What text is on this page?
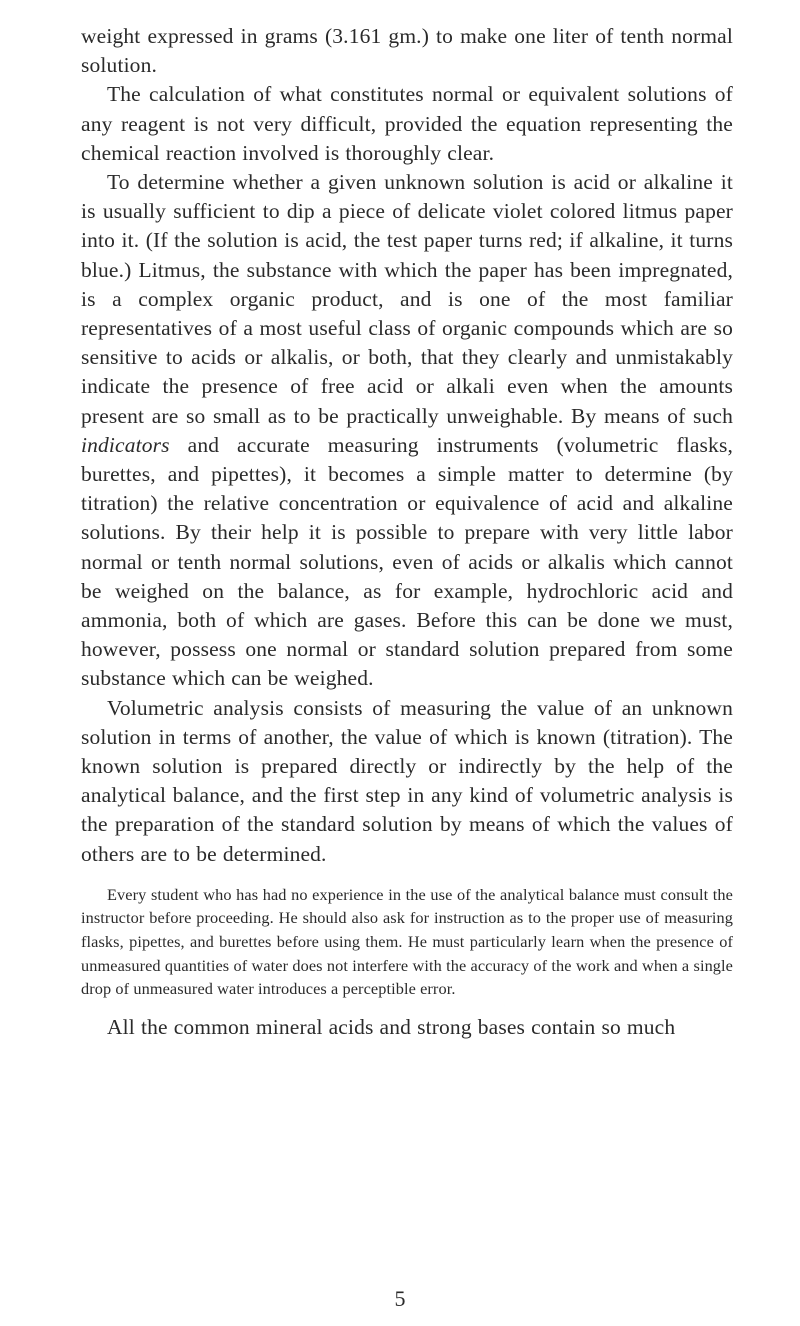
weight expressed in grams (3.161 gm.) to make one liter of tenth normal solution.

The calculation of what constitutes normal or equivalent solutions of any reagent is not very difficult, provided the equation representing the chemical reaction involved is thoroughly clear.

To determine whether a given unknown solution is acid or alkaline it is usually sufficient to dip a piece of delicate violet colored litmus paper into it. (If the solution is acid, the test paper turns red; if alkaline, it turns blue.) Litmus, the substance with which the paper has been impregnated, is a complex organic product, and is one of the most familiar representatives of a most useful class of organic compounds which are so sensitive to acids or alkalis, or both, that they clearly and unmistakably indicate the presence of free acid or alkali even when the amounts present are so small as to be practically unweighable. By means of such indicators and accurate measuring instruments (volumetric flasks, burettes, and pipettes), it becomes a simple matter to determine (by titration) the relative concentration or equivalence of acid and alkaline solutions. By their help it is possible to prepare with very little labor normal or tenth normal solutions, even of acids or alkalis which cannot be weighed on the balance, as for example, hydrochloric acid and ammonia, both of which are gases. Before this can be done we must, however, possess one normal or standard solution prepared from some substance which can be weighed.

Volumetric analysis consists of measuring the value of an unknown solution in terms of another, the value of which is known (titration). The known solution is prepared directly or indirectly by the help of the analytical balance, and the first step in any kind of volumetric analysis is the preparation of the standard solution by means of which the values of others are to be determined.

Every student who has had no experience in the use of the analytical balance must consult the instructor before proceeding. He should also ask for instruction as to the proper use of measuring flasks, pipettes, and burettes before using them. He must particularly learn when the presence of unmeasured quantities of water does not interfere with the accuracy of the work and when a single drop of unmeasured water introduces a perceptible error.

All the common mineral acids and strong bases contain so much

5
